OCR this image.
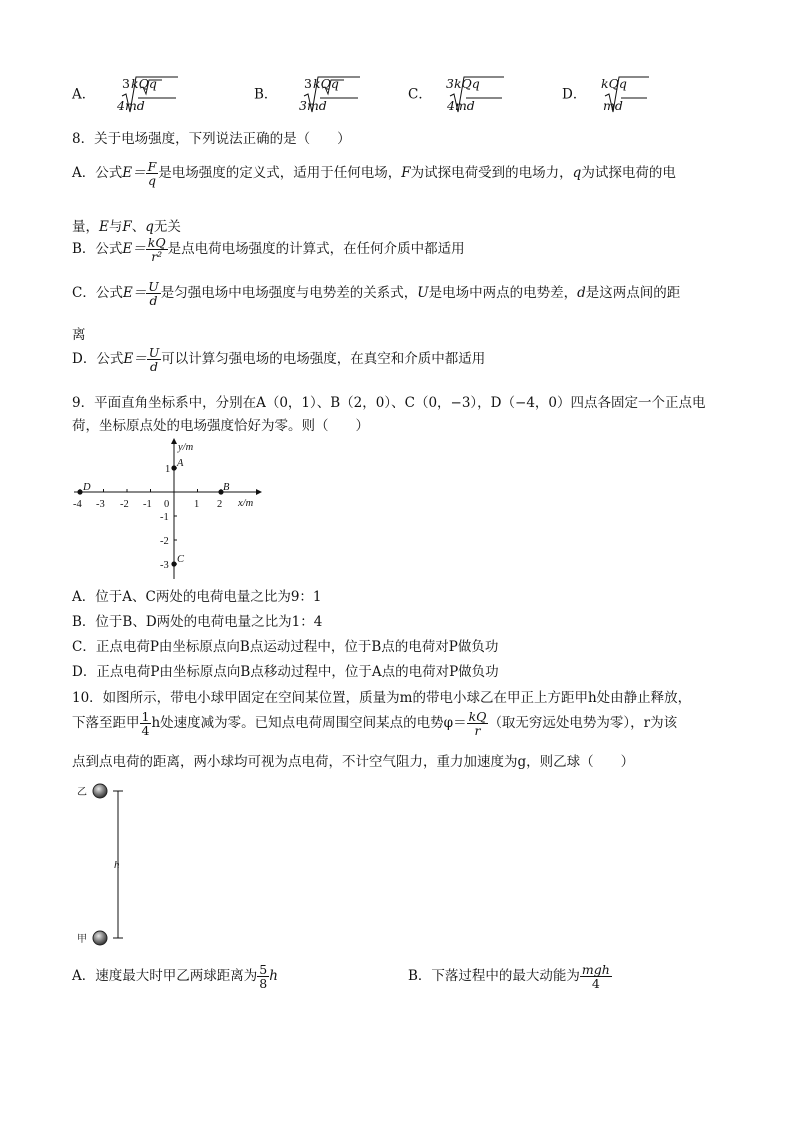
A．
3 kQq
4md
B．
3 kQq
3md
C．
3kQq
4md
D．
kQq
md
8．关于电场强度，下列说法正确的是（　　）
A．公式$E= \frac{F}{q}$ 是电场强度的定义式，适用于任何电场，F为试探电荷受到的电场力，q为试探电荷的电
量，E与F、q无关
B．公式$E= \frac{kQ}{\text{r²}}$ 是点电荷电场强度的计算式，在任何介质中都适用
C．公式$E= \frac{U}{d}$ 是匀强电场中电场强度与电势差的关系式，U是电场中两点的电势差，d是这两点间的距
离
D．公式$E= \frac{U}{d}$ 可以计算匀强电场的电场强度，在真空和介质中都适用
9．平面直角坐标系中，分别在A（0，1）、B（2，0）、C（0，−3），D（−4，0）四点各固定一个正点电
荷，坐标原点处的电场强度恰好为零。则（　　）
y/m
x/m
A
B
C
D
-4 -3 -2 -1 0 1 2
1
-1
-2
-3
A．位于A、C两处的电荷电量之比为9：1
B．位于B、D两处的电荷电量之比为1：4
C．正点电荷P由坐标原点向B点运动过程中，位于B点的电荷对P做负功
D．正点电荷P由坐标原点向B点移动过程中，位于A点的电荷对P做负功
10．如图所示，带电小球甲固定在空间某位置，质量为m的带电小球乙在甲正上方距甲h处由静止释放，
下落至距甲 $\frac{1}{4}$ h处速度减为零。已知点电荷周围空间某点的电势$\varphi= \frac{kQ}{r}$ （取无穷远处电势为零），r为该
点到点电荷的距离，两小球均可视为点电荷，不计空气阻力，重力加速度为g，则乙球（　　）
乙
甲
h
A．速度最大时甲乙两球距离为 $\frac{5}{8}$ h	B．下落过程中的最大动能为 $\frac{\text{mgh}}{4}$
